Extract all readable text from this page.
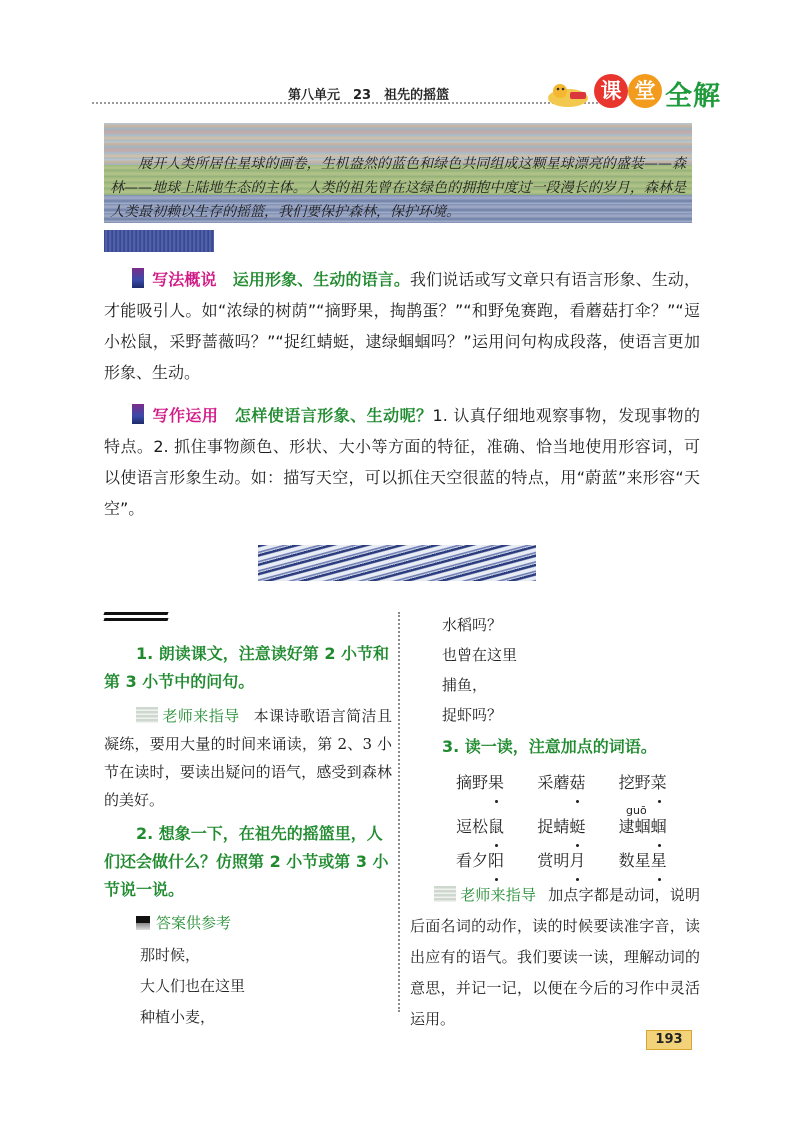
第八单元　23　祖先的摇篮	课 堂 全解

展开人类所居住星球的画卷，生机盎然的蓝色和绿色共同组成这颗星球漂亮的盛装——森林——地球上陆地生态的主体。人类的祖先曾在这绿色的拥抱中度过一段漫长的岁月，森林是人类最初赖以生存的摇篮，我们要保护森林，保护环境。

写法概说　 运用形象、生动的语言。我们说话或写文章只有语言形象、生动，才能吸引人。如“浓绿的树荫”“摘野果，掏鹊蛋？”“和野兔赛跑，看蘑菇打伞？”“逗小松鼠，采野蔷薇吗？”“捉红蜻蜓，逮绿蝈蝈吗？”运用问句构成段落，使语言更加形象、生动。

写作运用　 怎样使语言形象、生动呢？1. 认真仔细地观察事物，发现事物的特点。2. 抓住事物颜色、形状、大小等方面的特征，准确、恰当地使用形容词，可以使语言形象生动。如：描写天空，可以抓住天空很蓝的特点，用“蔚蓝”来形容“天空”。

1. 朗读课文，注意读好第 2 小节和第 3 小节中的问句。

老师来指导 本课诗歌语言简洁且凝练，要用大量的时间来诵读，第 2、3 小节在读时，要读出疑问的语气，感受到森林的美好。

2. 想象一下，在祖先的摇篮里，人们还会做什么？仿照第 2 小节或第 3 小节说一说。

答案供参考
那时候，
大人们也在这里
种植小麦，
水稻吗？
也曾在这里
捕鱼，
捉虾吗？
3. 读一读，注意加点的词语。
摘野果	采蘑菇	挖野菜
逗松鼠	捉蜻蜓	逮蝈蝈
guō
看夕阳	赏明月	数星星

老师来指导 加点字都是动词，说明后面名词的动作，读的时候要读准字音，读出应有的语气。我们要读一读，理解动词的意思，并记一记，以便在今后的习作中灵活运用。

193
